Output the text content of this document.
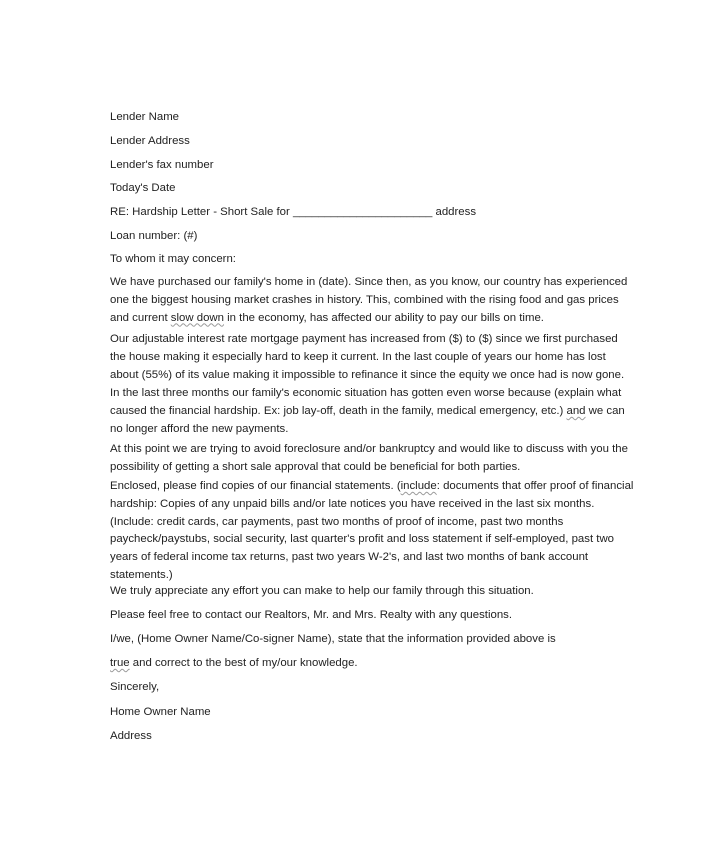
Lender Name
Lender Address
Lender's fax number
Today's Date
RE: Hardship Letter - Short Sale for ______________________ address
Loan number: (#)
To whom it may concern:
We have purchased our family's home in (date). Since then, as you know, our country has experienced
one the biggest housing market crashes in history. This, combined with the rising food and gas prices
and current slow down in the economy, has affected our ability to pay our bills on time.
Our adjustable interest rate mortgage payment has increased from ($) to ($) since we first purchased
the house making it especially hard to keep it current. In the last couple of years our home has lost
about (55%) of its value making it impossible to refinance it since the equity we once had is now gone.
In the last three months our family's economic situation has gotten even worse because (explain what
caused the financial hardship. Ex: job lay-off, death in the family, medical emergency, etc.) and we can
no longer afford the new payments.
At this point we are trying to avoid foreclosure and/or bankruptcy and would like to discuss with you the
possibility of getting a short sale approval that could be beneficial for both parties.
Enclosed, please find copies of our financial statements. (include: documents that offer proof of financial
hardship: Copies of any unpaid bills and/or late notices you have received in the last six months.
(Include: credit cards, car payments, past two months of proof of income, past two months
paycheck/paystubs, social security, last quarter's profit and loss statement if self-employed, past two
years of federal income tax returns, past two years W-2's, and last two months of bank account
statements.)
We truly appreciate any effort you can make to help our family through this situation.
Please feel free to contact our Realtors, Mr. and Mrs. Realty with any questions.
I/we, (Home Owner Name/Co-signer Name), state that the information provided above is
true and correct to the best of my/our knowledge.
Sincerely,
Home Owner Name
Address
